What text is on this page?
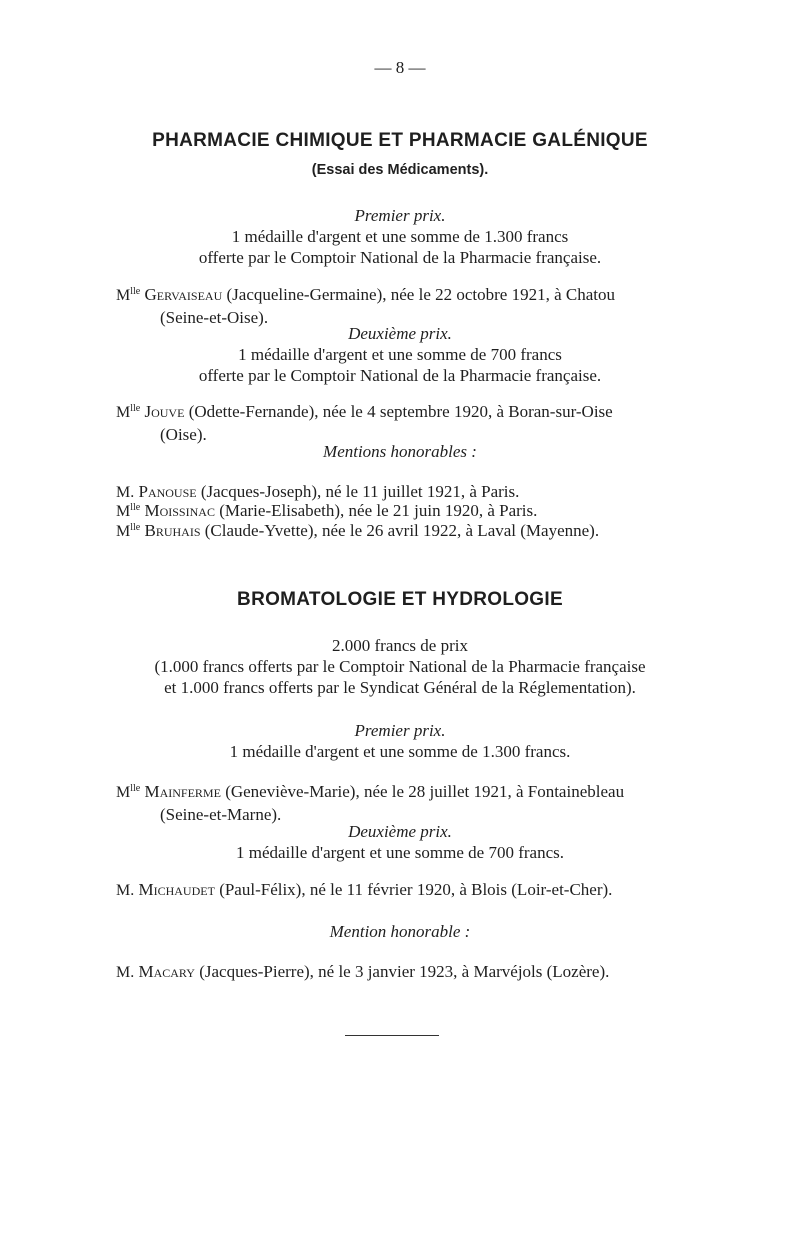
— 8 —
PHARMACIE CHIMIQUE ET PHARMACIE GALÉNIQUE
(Essai des Médicaments).
Premier prix.
1 médaille d'argent et une somme de 1.300 francs
offerte par le Comptoir National de la Pharmacie française.
$M^{lle}$ Gervaiseau (Jacqueline-Germaine), née le 22 octobre 1921, à Chatou
(Seine-et-Oise).
Deuxième prix.
1 médaille d'argent et une somme de 700 francs
offerte par le Comptoir National de la Pharmacie française.
$M^{lle}$ Jouve (Odette-Fernande), née le 4 septembre 1920, à Boran-sur-Oise
(Oise).
Mentions honorables :
M. Panouse (Jacques-Joseph), né le 11 juillet 1921, à Paris.
$M^{lle}$ Moissinac (Marie-Elisabeth), née le 21 juin 1920, à Paris.
$M^{lle}$ Bruhais (Claude-Yvette), née le 26 avril 1922, à Laval (Mayenne).
BROMATOLOGIE ET HYDROLOGIE
2.000 francs de prix
(1.000 francs offerts par le Comptoir National de la Pharmacie française
et 1.000 francs offerts par le Syndicat Général de la Réglementation).
Premier prix.
1 médaille d'argent et une somme de 1.300 francs.
$M^{lle}$ Mainferme (Geneviève-Marie), née le 28 juillet 1921, à Fontainebleau
(Seine-et-Marne).
Deuxième prix.
1 médaille d'argent et une somme de 700 francs.
M. Michaudet (Paul-Félix), né le 11 février 1920, à Blois (Loir-et-Cher).
Mention honorable :
M. Macary (Jacques-Pierre), né le 3 janvier 1923, à Marvéjols (Lozère).
